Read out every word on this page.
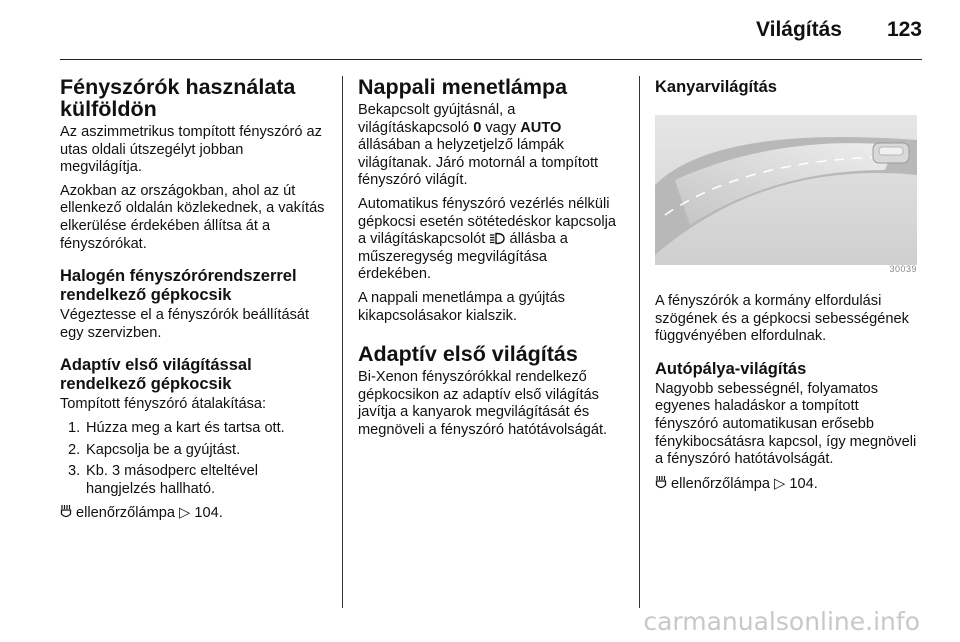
Világítás 123
Fényszórók használata külföldön

Az aszimmetrikus tompított fényszóró az utas oldali útszegélyt jobban megvilágítja.

Azokban az országokban, ahol az út ellenkező oldalán közlekednek, a vakítás elkerülése érdekében állítsa át a fényszórókat.

Halogén fényszórórendszerrel rendelkező gépkocsik

Végeztesse el a fényszórók beállítását egy szervizben.

Adaptív első világítással rendelkező gépkocsik

Tompított fényszóró átalakítása:

1. Húzza meg a kart és tartsa ott.
2. Kapcsolja be a gyújtást.
3. Kb. 3 másodperc elteltével hangjelzés hallható.

ellenőrzőlámpa ▷ 104.

Nappali menetlámpa

Bekapcsolt gyújtásnál, a világításkapcsoló 0 vagy AUTO állásában a helyzetjelző lámpák világítanak. Járó motornál a tompított fényszóró világít.

Automatikus fényszóró vezérlés nélküli gépkocsi esetén sötétedéskor kapcsolja a világításkapcsolót  állásba a műszeregység megvilágítása érdekében.

A nappali menetlámpa a gyújtás kikapcsolásakor kialszik.

Adaptív első világítás

Bi-Xenon fényszórókkal rendelkező gépkocsikon az adaptív első világítás javítja a kanyarok megvilágítását és megnöveli a fényszóró hatótávolságát.

Kanyarvilágítás
30039

A fényszórók a kormány elfordulási szögének és a gépkocsi sebességének függvényében elfordulnak.

Autópálya-világítás

Nagyobb sebességnél, folyamatos egyenes haladáskor a tompított fényszóró automatikusan erősebb fénykibocsátásra kapcsol, így megnöveli a fényszóró hatótávolságát.

ellenőrzőlámpa ▷ 104.

carmanualsonline.info
